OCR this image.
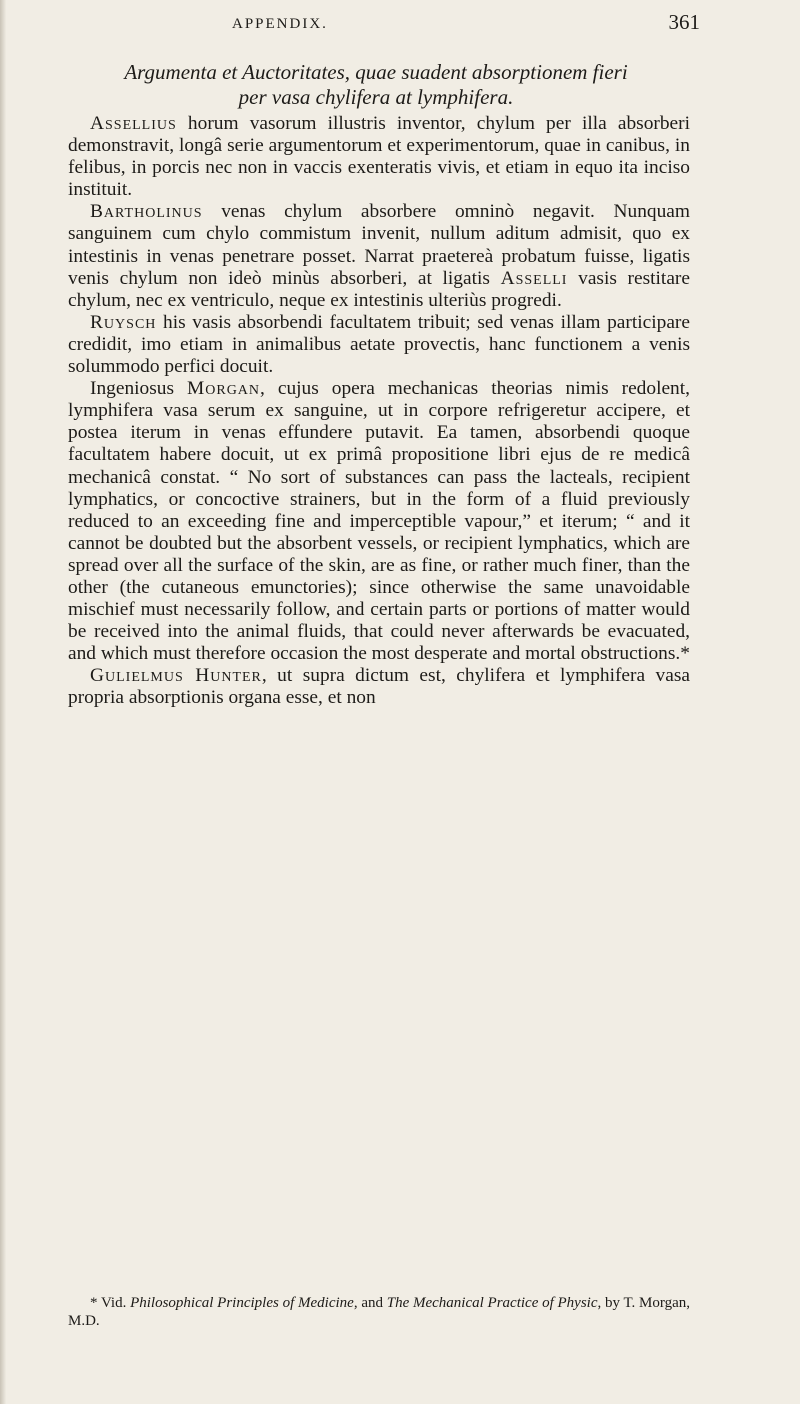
APPENDIX.	361
Argumenta et Auctoritates, quae suadent absorptionem fieri
per vasa chylifera at lymphifera.

Assellius horum vasorum illustris inventor, chylum per illa absorberi demonstravit, longâ serie argumentorum et experimentorum, quae in canibus, in felibus, in porcis nec non in vaccis exenteratis vivis, et etiam in equo ita inciso instituit.

Bartholinus venas chylum absorbere omninò negavit. Nunquam sanguinem cum chylo commistum invenit, nullum aditum admisit, quo ex intestinis in venas penetrare posset. Narrat praetereà probatum fuisse, ligatis venis chylum non ideò minùs absorberi, at ligatis Asselli vasis restitare chylum, nec ex ventriculo, neque ex intestinis ulteriùs progredi.

Ruysch his vasis absorbendi facultatem tribuit; sed venas illam participare credidit, imo etiam in animalibus aetate provectis, hanc functionem a venis solummodo perfici docuit.

Ingeniosus Morgan, cujus opera mechanicas theorias nimis redolent, lymphifera vasa serum ex sanguine, ut in corpore refrigeretur accipere, et postea iterum in venas effundere putavit. Ea tamen, absorbendi quoque facultatem habere docuit, ut ex primâ propositione libri ejus de re medicâ mechanicâ constat. “ No sort of substances can pass the lacteals, recipient lymphatics, or concoctive strainers, but in the form of a fluid previously reduced to an exceeding fine and imperceptible vapour,” et iterum; “ and it cannot be doubted but the absorbent vessels, or recipient lymphatics, which are spread over all the surface of the skin, are as fine, or rather much finer, than the other (the cutaneous emunctories); since otherwise the same unavoidable mischief must necessarily follow, and certain parts or portions of matter would be received into the animal fluids, that could never afterwards be evacuated, and which must therefore occasion the most desperate and mortal obstructions.*

Gulielmus Hunter, ut supra dictum est, chylifera et lymphifera vasa propria absorptionis organa esse, et non

* Vid. Philosophical Principles of Medicine, and The Mechanical Practice of Physic, by T. Morgan, M.D.
